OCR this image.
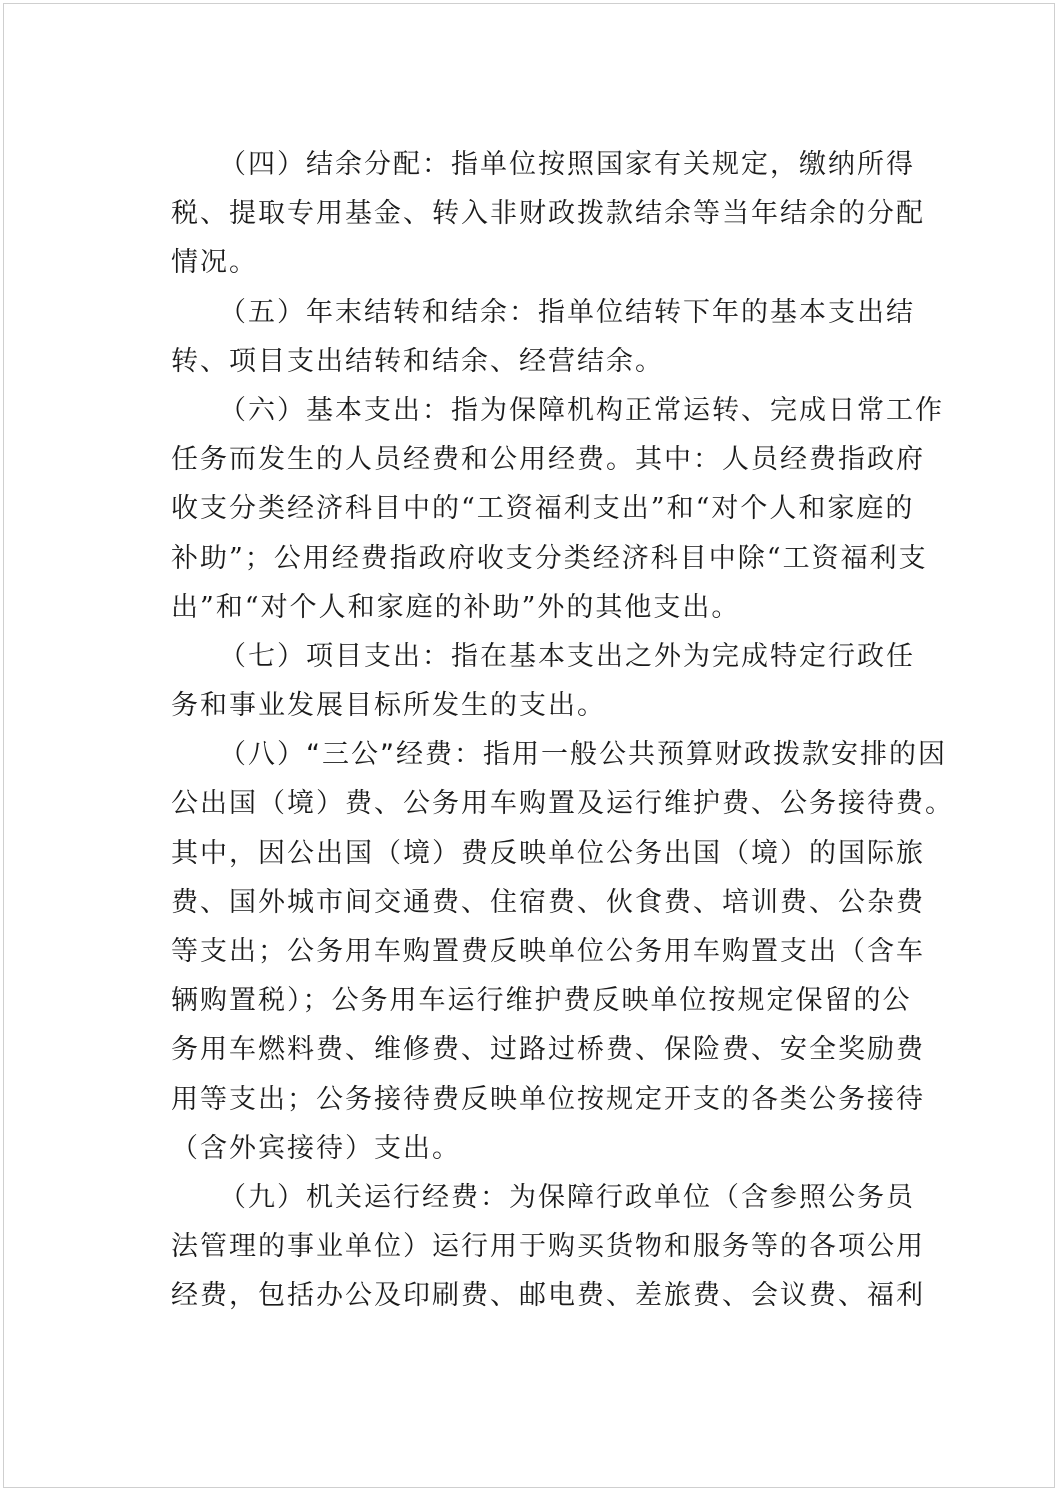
（四）结余分配：指单位按照国家有关规定，缴纳所得
税、提取专用基金、转入非财政拨款结余等当年结余的分配
情况。
（五）年末结转和结余：指单位结转下年的基本支出结
转、项目支出结转和结余、经营结余。
（六）基本支出：指为保障机构正常运转、完成日常工作
任务而发生的人员经费和公用经费。其中：人员经费指政府
收支分类经济科目中的“工资福利支出”和“对个人和家庭的
补助”；公用经费指政府收支分类经济科目中除“工资福利支
出”和“对个人和家庭的补助”外的其他支出。
（七）项目支出：指在基本支出之外为完成特定行政任
务和事业发展目标所发生的支出。
（八）“三公”经费：指用一般公共预算财政拨款安排的因
公出国（境）费、公务用车购置及运行维护费、公务接待费。
其中，因公出国（境）费反映单位公务出国（境）的国际旅
费、国外城市间交通费、住宿费、伙食费、培训费、公杂费
等支出；公务用车购置费反映单位公务用车购置支出（含车
辆购置税）；公务用车运行维护费反映单位按规定保留的公
务用车燃料费、维修费、过路过桥费、保险费、安全奖励费
用等支出；公务接待费反映单位按规定开支的各类公务接待
（含外宾接待）支出。
（九）机关运行经费：为保障行政单位（含参照公务员
法管理的事业单位）运行用于购买货物和服务等的各项公用
经费，包括办公及印刷费、邮电费、差旅费、会议费、福利
